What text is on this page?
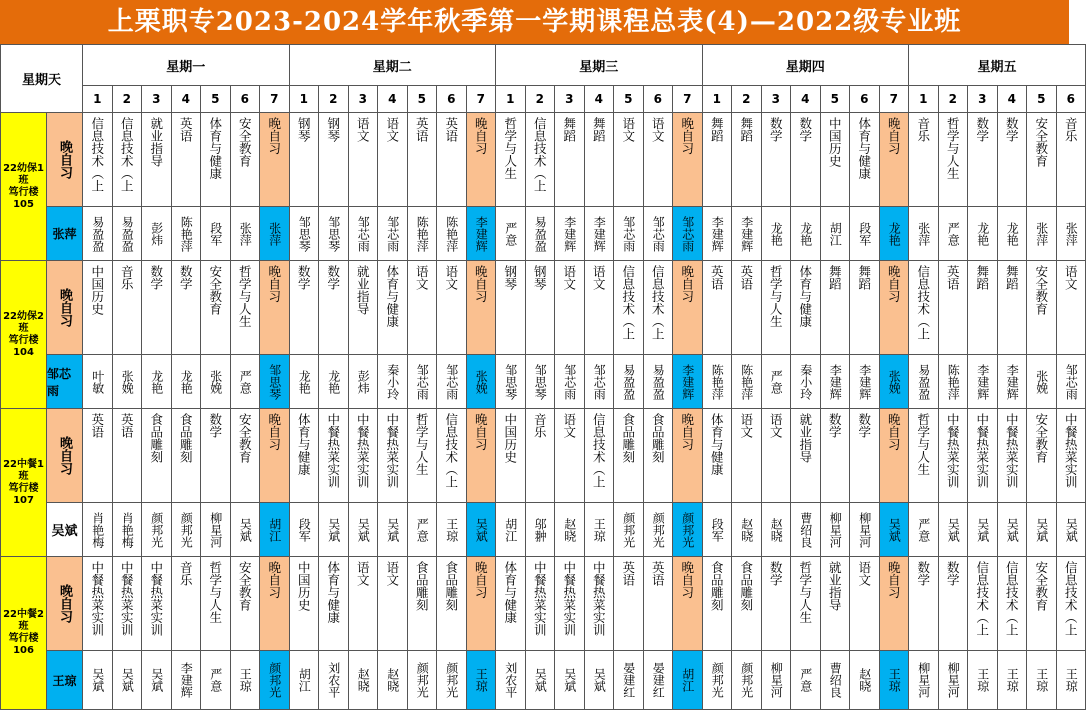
上栗职专2023-2024学年秋季第一学期课程总表(4)—2022级专业班
星期天
星期一
1	2	3	4	5	6	7
星期二
1	2	3	4	5	6	7
星期三
1	2	3	4	5	6	7
星期四
1	2	3	4	5	6	7
星期五
1	2	3	4	5	6
22幼保1班
笃行楼105
晚自习
张萍
信息技术（上	信息技术（上	就业指导	英语	体育与健康	安全教育	晚自习	钢琴	钢琴	语文	语文	英语	英语	晚自习	哲学与人生	信息技术（上	舞蹈	舞蹈	语文	语文	晚自习	舞蹈	舞蹈	数学	数学	中国历史	体育与健康	晚自习	音乐	哲学与人生	数学	数学	安全教育	音乐
易盈盈	易盈盈	彭炜	陈艳萍	段军	张萍	张萍	邹思琴	邹思琴	邹芯雨	邹芯雨	陈艳萍	陈艳萍	李建辉	严意	易盈盈	李建辉	李建辉	邹芯雨	邹芯雨	邹芯雨	李建辉	李建辉	龙艳	龙艳	胡江	段军	龙艳	张萍	严意	龙艳	龙艳	张萍	张萍
22幼保2班
笃行楼104
晚自习
邹芯雨
中国历史	音乐	数学	数学	安全教育	哲学与人生	晚自习	数学	数学	就业指导	体育与健康	语文	语文	晚自习	钢琴	钢琴	语文	语文	信息技术（上	信息技术（上	晚自习	英语	英语	哲学与人生	体育与健康	舞蹈	舞蹈	晚自习	信息技术（上	英语	舞蹈	舞蹈	安全教育	语文
叶敏	张娩	龙艳	龙艳	张娩	严意	邹思琴	龙艳	龙艳	彭炜	秦小玲	邹芯雨	邹芯雨	张娩	邹思琴	邹思琴	邹芯雨	邹芯雨	易盈盈	易盈盈	李建辉	陈艳萍	陈艳萍	严意	秦小玲	李建辉	李建辉	张娩	易盈盈	陈艳萍	李建辉	李建辉	张娩	邹芯雨
22中餐1班
笃行楼107
晚自习
吴斌
英语	英语	食品雕刻	食品雕刻	数学	安全教育	晚自习	体育与健康	中餐热菜实训	中餐热菜实训	中餐热菜实训	哲学与人生	信息技术（上	晚自习	中国历史	音乐	语文	信息技术（上	食品雕刻	食品雕刻	晚自习	体育与健康	语文	语文	就业指导	数学	数学	晚自习	哲学与人生	中餐热菜实训	中餐热菜实训	中餐热菜实训	安全教育	中餐热菜实训
肖艳梅	肖艳梅	颜邦光	颜邦光	柳星河	吴斌	胡江	段军	吴斌	吴斌	吴斌	严意	王琼	吴斌	胡江	邬翀	赵晓	王琼	颜邦光	颜邦光	颜邦光	段军	赵晓	赵晓	曹绍良	柳星河	柳星河	吴斌	严意	吴斌	吴斌	吴斌	吴斌	吴斌
22中餐2班
笃行楼106
晚自习
王琼
中餐热菜实训	中餐热菜实训	中餐热菜实训	音乐	哲学与人生	安全教育	晚自习	中国历史	体育与健康	语文	语文	食品雕刻	食品雕刻	晚自习	体育与健康	中餐热菜实训	中餐热菜实训	中餐热菜实训	英语	英语	晚自习	食品雕刻	食品雕刻	数学	哲学与人生	就业指导	语文	晚自习	数学	数学	信息技术（上	信息技术（上	安全教育	信息技术（上
吴斌	吴斌	吴斌	李建辉	严意	王琼	颜邦光	胡江	刘农平	赵晓	赵晓	颜邦光	颜邦光	王琼	刘农平	吴斌	吴斌	吴斌	晏建红	晏建红	胡江	颜邦光	颜邦光	柳星河	严意	曹绍良	赵晓	王琼	柳星河	柳星河	王琼	王琼	王琼	王琼
